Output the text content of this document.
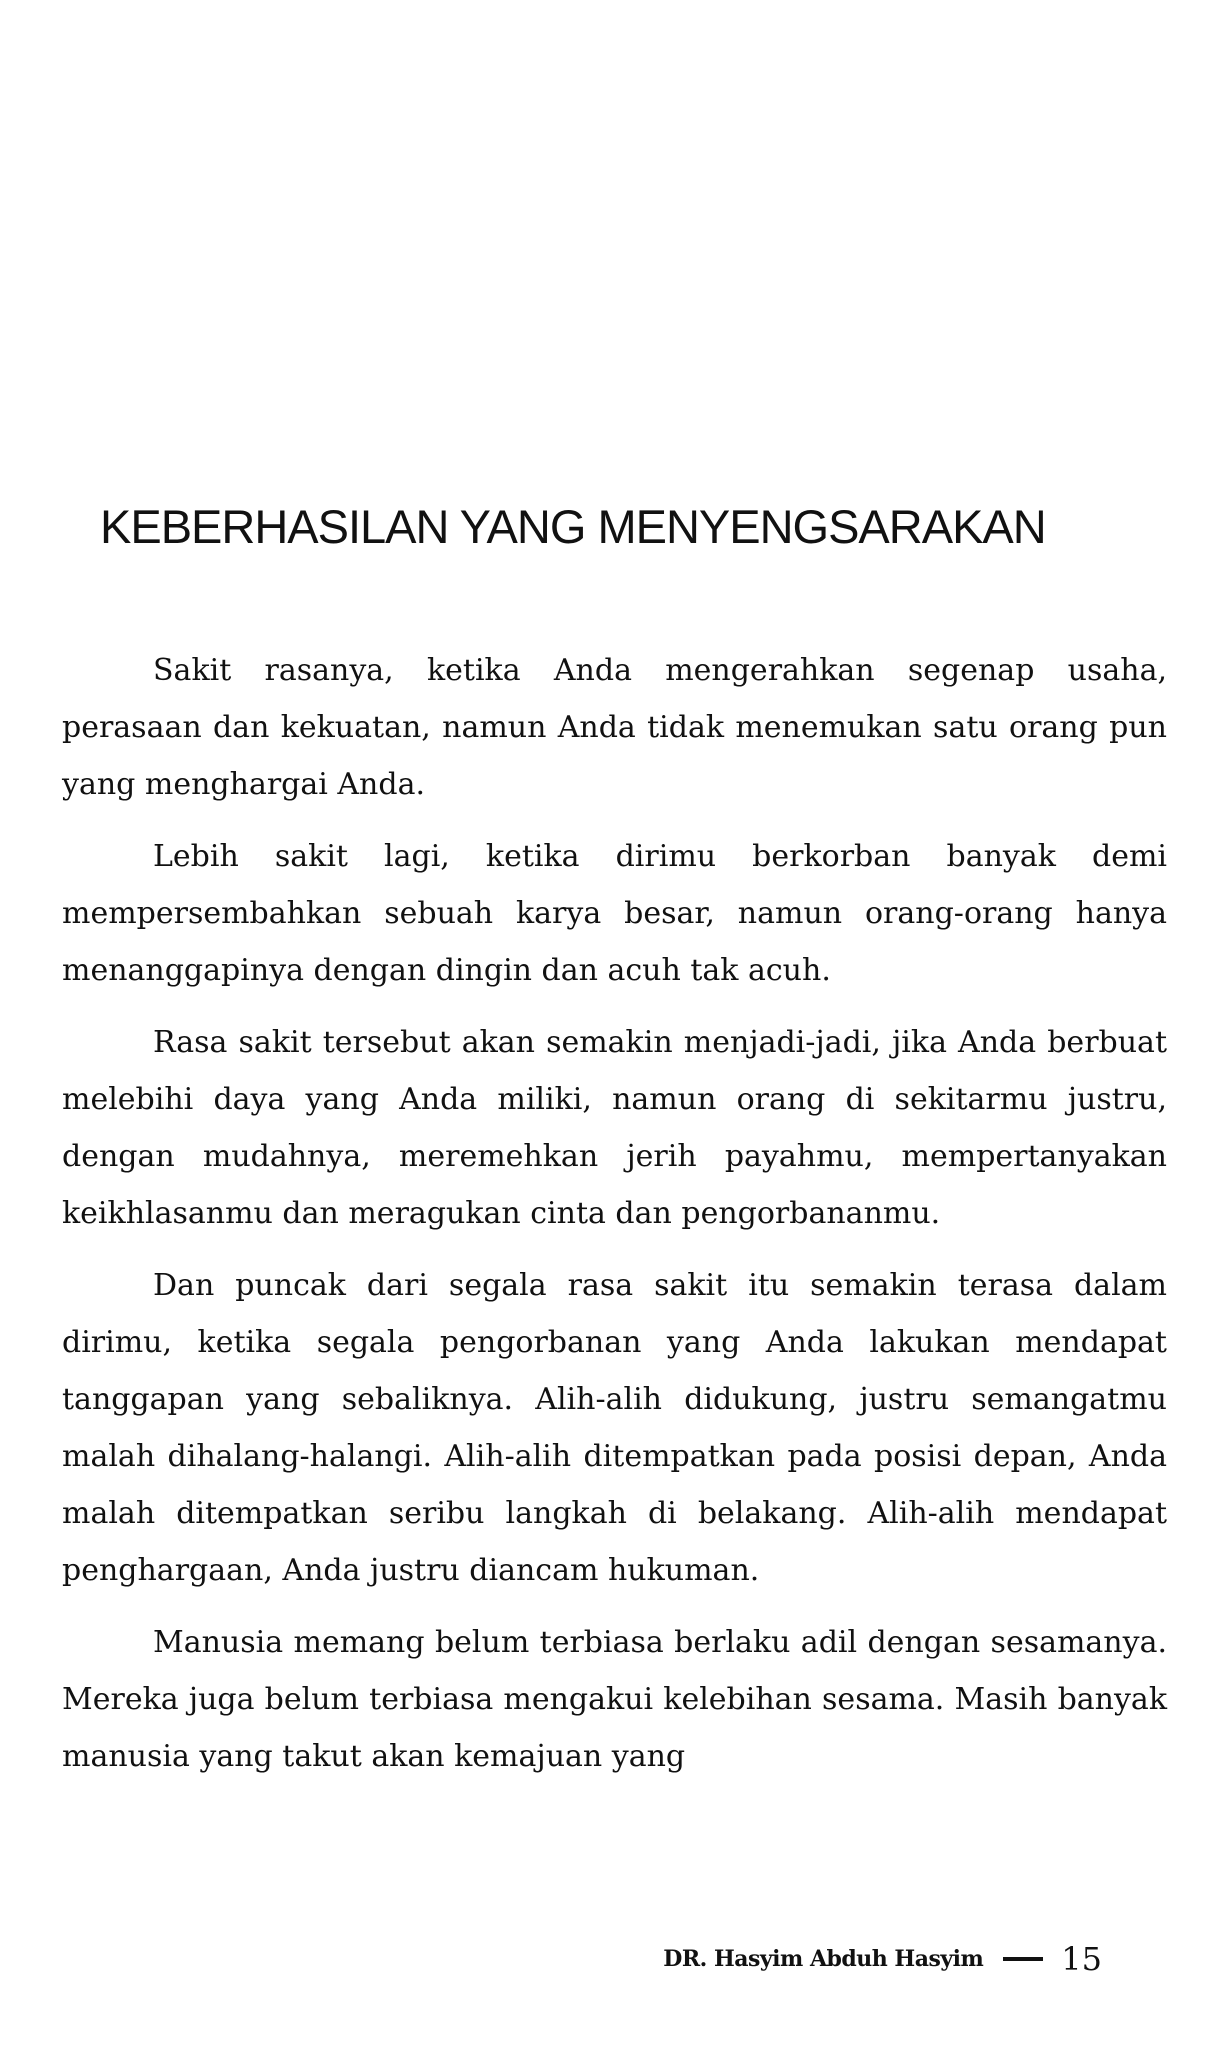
KEBERHASILAN YANG MENYENGSARAKAN

Sakit rasanya, ketika Anda mengerahkan segenap usaha, perasaan dan kekuatan, namun Anda tidak menemukan satu orang pun yang menghargai Anda.

Lebih sakit lagi, ketika dirimu berkorban banyak demi mempersembahkan sebuah karya besar, namun orang-orang hanya menanggapinya dengan dingin dan acuh tak acuh.

Rasa sakit tersebut akan semakin menjadi-jadi, jika Anda berbuat melebihi daya yang Anda miliki, namun orang di sekitarmu justru, dengan mudahnya, meremehkan jerih payahmu, mempertanyakan keikhlasanmu dan meragukan cinta dan pengorbananmu.

Dan puncak dari segala rasa sakit itu semakin terasa dalam dirimu, ketika segala pengorbanan yang Anda lakukan mendapat tanggapan yang sebaliknya. Alih-alih didukung, justru semangatmu malah dihalang-halangi. Alih-alih ditempatkan pada posisi depan, Anda malah ditempatkan seribu langkah di belakang. Alih-alih mendapat penghargaan, Anda justru diancam hukuman.

Manusia memang belum terbiasa berlaku adil dengan sesamanya. Mereka juga belum terbiasa mengakui kelebihan sesama. Masih banyak manusia yang takut akan kemajuan yang

DR. Hasyim Abduh Hasyim 15
